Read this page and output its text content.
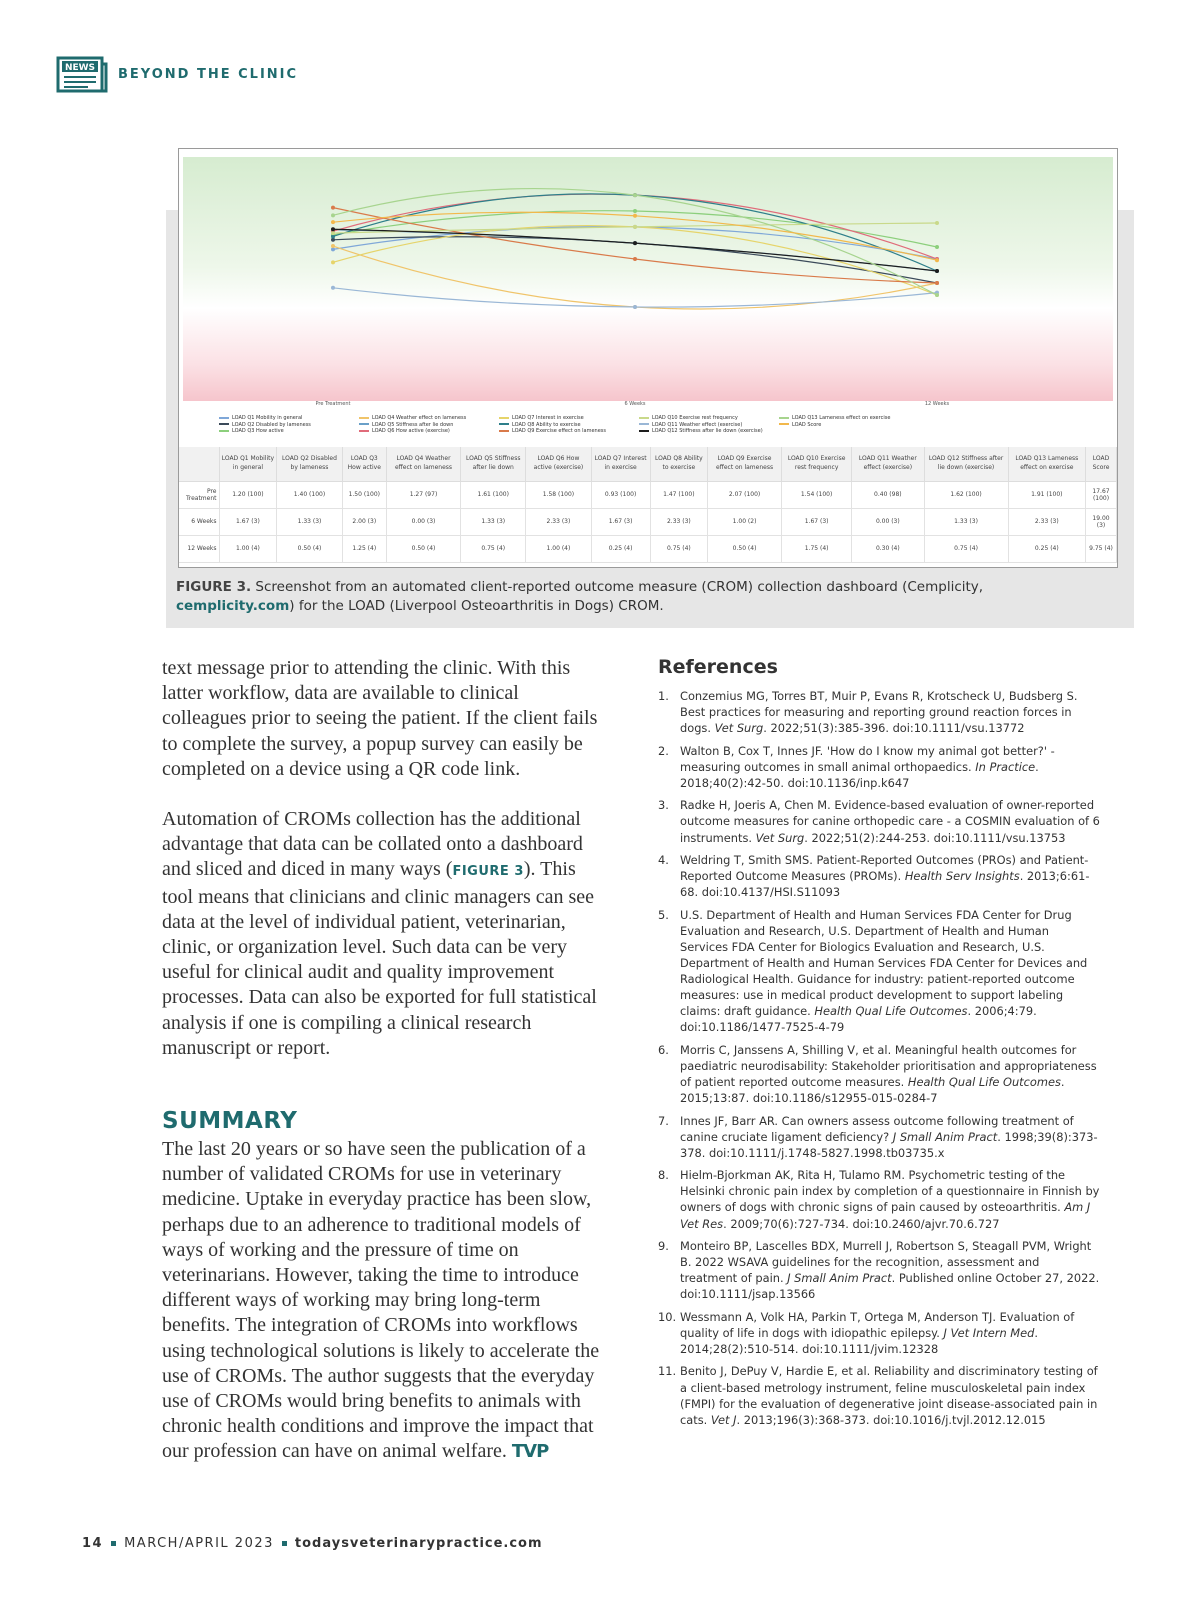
NEWS BEYOND THE CLINIC
Pre Treatment	6 Weeks	12 Weeks
LOAD Q1 Mobility in general
LOAD Q2 Disabled by lameness
LOAD Q3 How active
LOAD Q4 Weather effect on lameness
LOAD Q5 Stiffness after lie down
LOAD Q6 How active (exercise)
LOAD Q7 Interest in exercise
LOAD Q8 Ability to exercise
LOAD Q9 Exercise effect on lameness
LOAD Q10 Exercise rest frequency
LOAD Q11 Weather effect (exercise)
LOAD Q12 Stiffness after lie down (exercise)
LOAD Q13 Lameness effect on exercise
LOAD Score
	LOAD Q1 Mobility in general	LOAD Q2 Disabled by lameness	LOAD Q3 How active	LOAD Q4 Weather effect on lameness	LOAD Q5 Stiffness after lie down	LOAD Q6 How active (exercise)	LOAD Q7 Interest in exercise	LOAD Q8 Ability to exercise	LOAD Q9 Exercise effect on lameness	LOAD Q10 Exercise rest frequency	LOAD Q11 Weather effect (exercise)	LOAD Q12 Stiffness after lie down (exercise)	LOAD Q13 Lameness effect on exercise	LOAD Score
Pre Treatment	1.20 (100)	1.40 (100)	1.50 (100)	1.27 (97)	1.61 (100)	1.58 (100)	0.93 (100)	1.47 (100)	2.07 (100)	1.54 (100)	0.40 (98)	1.62 (100)	1.91 (100)	17.67 (100)
6 Weeks	1.67 (3)	1.33 (3)	2.00 (3)	0.00 (3)	1.33 (3)	2.33 (3)	1.67 (3)	2.33 (3)	1.00 (2)	1.67 (3)	0.00 (3)	1.33 (3)	2.33 (3)	19.00 (3)
12 Weeks	1.00 (4)	0.50 (4)	1.25 (4)	0.50 (4)	0.75 (4)	1.00 (4)	0.25 (4)	0.75 (4)	0.50 (4)	1.75 (4)	0.30 (4)	0.75 (4)	0.25 (4)	9.75 (4)
FIGURE 3. Screenshot from an automated client-reported outcome measure (CROM) collection dashboard (Cemplicity, cemplicity.com) for the LOAD (Liverpool Osteoarthritis in Dogs) CROM.

text message prior to attending the clinic. With this latter workflow, data are available to clinical colleagues prior to seeing the patient. If the client fails to complete the survey, a popup survey can easily be completed on a device using a QR code link.

Automation of CROMs collection has the additional advantage that data can be collated onto a dashboard and sliced and diced in many ways (FIGURE 3). This tool means that clinicians and clinic managers can see data at the level of individual patient, veterinarian, clinic, or organization level. Such data can be very useful for clinical audit and quality improvement processes. Data can also be exported for full statistical analysis if one is compiling a clinical research manuscript or report.

SUMMARY

The last 20 years or so have seen the publication of a number of validated CROMs for use in veterinary medicine. Uptake in everyday practice has been slow, perhaps due to an adherence to traditional models of ways of working and the pressure of time on veterinarians. However, taking the time to introduce different ways of working may bring long-term benefits. The integration of CROMs into workflows using technological solutions is likely to accelerate the use of CROMs. The author suggests that the everyday use of CROMs would bring benefits to animals with chronic health conditions and improve the impact that our profession can have on animal welfare. TVP

References
1. Conzemius MG, Torres BT, Muir P, Evans R, Krotscheck U, Budsberg S. Best practices for measuring and reporting ground reaction forces in dogs. Vet Surg. 2022;51(3):385-396. doi:10.1111/vsu.13772
2. Walton B, Cox T, Innes JF. 'How do I know my animal got better?' - measuring outcomes in small animal orthopaedics. In Practice. 2018;40(2):42-50. doi:10.1136/inp.k647
3. Radke H, Joeris A, Chen M. Evidence-based evaluation of owner-reported outcome measures for canine orthopedic care - a COSMIN evaluation of 6 instruments. Vet Surg. 2022;51(2):244-253. doi:10.1111/vsu.13753
4. Weldring T, Smith SMS. Patient-Reported Outcomes (PROs) and Patient-Reported Outcome Measures (PROMs). Health Serv Insights. 2013;6:61-68. doi:10.4137/HSI.S11093
5. U.S. Department of Health and Human Services FDA Center for Drug Evaluation and Research, U.S. Department of Health and Human Services FDA Center for Biologics Evaluation and Research, U.S. Department of Health and Human Services FDA Center for Devices and Radiological Health. Guidance for industry: patient-reported outcome measures: use in medical product development to support labeling claims: draft guidance. Health Qual Life Outcomes. 2006;4:79. doi:10.1186/1477-7525-4-79
6. Morris C, Janssens A, Shilling V, et al. Meaningful health outcomes for paediatric neurodisability: Stakeholder prioritisation and appropriateness of patient reported outcome measures. Health Qual Life Outcomes. 2015;13:87. doi:10.1186/s12955-015-0284-7
7. Innes JF, Barr AR. Can owners assess outcome following treatment of canine cruciate ligament deficiency? J Small Anim Pract. 1998;39(8):373-378. doi:10.1111/j.1748-5827.1998.tb03735.x
8. Hielm-Bjorkman AK, Rita H, Tulamo RM. Psychometric testing of the Helsinki chronic pain index by completion of a questionnaire in Finnish by owners of dogs with chronic signs of pain caused by osteoarthritis. Am J Vet Res. 2009;70(6):727-734. doi:10.2460/ajvr.70.6.727
9. Monteiro BP, Lascelles BDX, Murrell J, Robertson S, Steagall PVM, Wright B. 2022 WSAVA guidelines for the recognition, assessment and treatment of pain. J Small Anim Pract. Published online October 27, 2022. doi:10.1111/jsap.13566
10. Wessmann A, Volk HA, Parkin T, Ortega M, Anderson TJ. Evaluation of quality of life in dogs with idiopathic epilepsy. J Vet Intern Med. 2014;28(2):510-514. doi:10.1111/jvim.12328
11. Benito J, DePuy V, Hardie E, et al. Reliability and discriminatory testing of a client-based metrology instrument, feline musculoskeletal pain index (FMPI) for the evaluation of degenerative joint disease-associated pain in cats. Vet J. 2013;196(3):368-373. doi:10.1016/j.tvjl.2012.12.015
14 MARCH/APRIL 2023 todaysveterinarypractice.com
